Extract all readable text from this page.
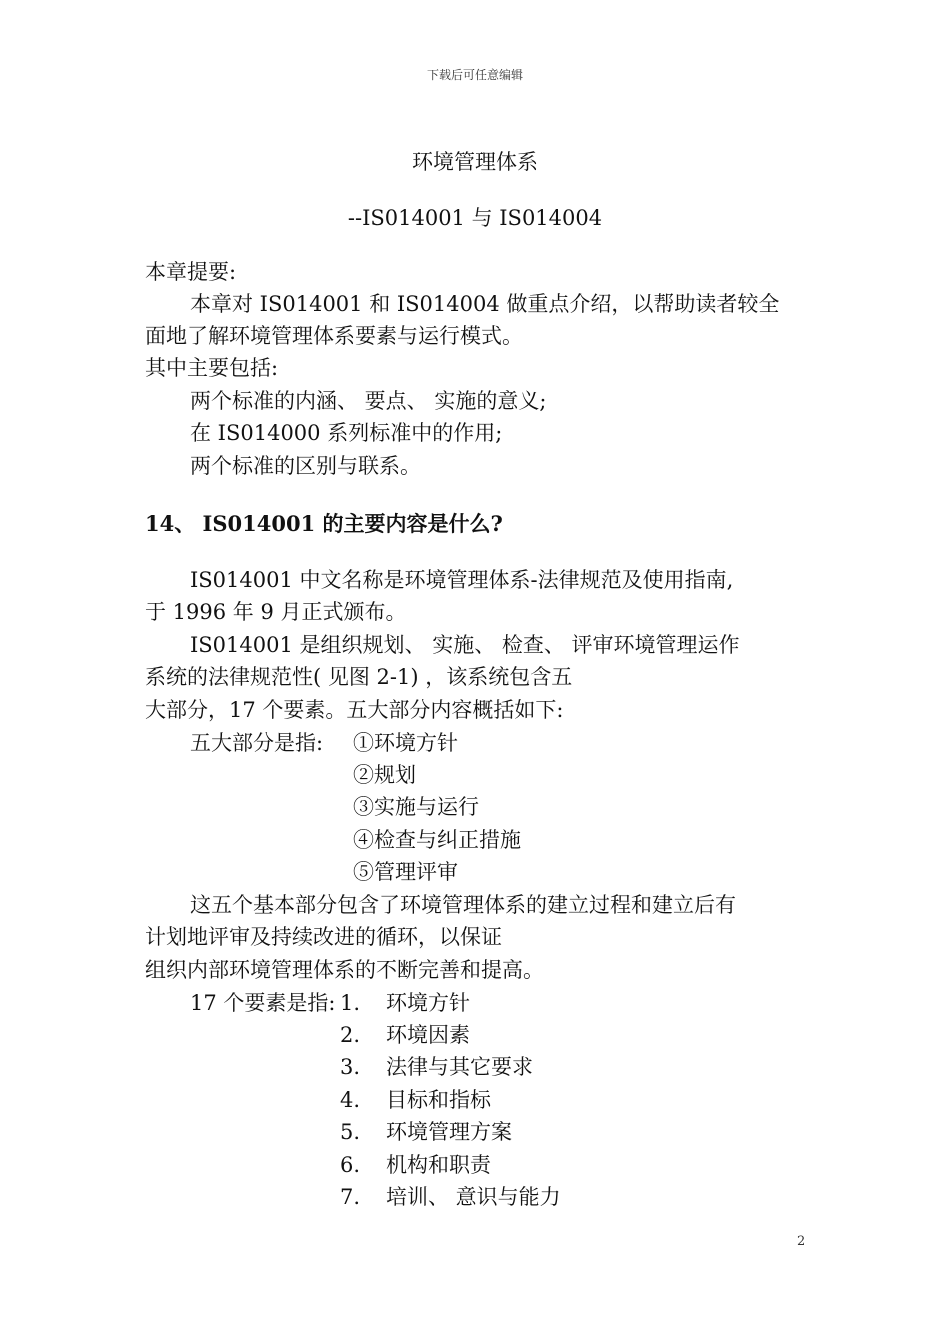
下载后可任意编辑
环境管理体系
--IS014001 与 IS014004
本章提要:
本章对 IS014001 和 IS014004 做重点介绍，以帮助读者较全
面地了解环境管理体系要素与运行模式。
其中主要包括:
两个标准的内涵、 要点、 实施的意义;
在 IS014000 系列标准中的作用;
两个标准的区别与联系。
14、 IS014001 的主要内容是什么?
IS014001 中文名称是环境管理体系-法律规范及使用指南,
于 1996 年 9 月正式颁布。
IS014001 是组织规划、 实施、 检查、 评审环境管理运作
系统的法律规范性( 见图 2-1) ，该系统包含五
大部分，17 个要素。五大部分内容概括如下:
五大部分是指: ①环境方针
②规划
③实施与运行
④检查与纠正措施
⑤管理评审
这五个基本部分包含了环境管理体系的建立过程和建立后有
计划地评审及持续改进的循环，以保证
组织内部环境管理体系的不断完善和提高。
17 个要素是指: 1. 环境方针
2. 环境因素
3. 法律与其它要求
4. 目标和指标
5. 环境管理方案
6. 机构和职责
7. 培训、 意识与能力
2
